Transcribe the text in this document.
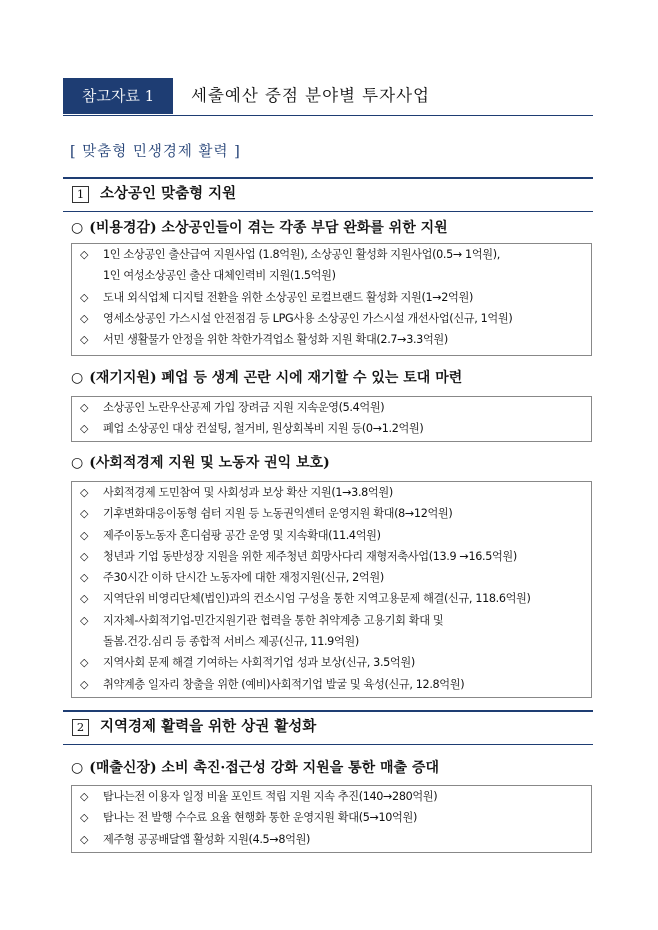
참고자료 1	세출예산 중점 분야별 투자사업
[ 맞춤형 민생경제 활력 ]
1	소상공인 맞춤형 지원
○ (비용경감) 소상공인들이 겪는 각종 부담 완화를 위한 지원
◇ 1인 소상공인 출산급여 지원사업 (1.8억원), 소상공인 활성화 지원사업(0.5→ 1억원),
1인 여성소상공인 출산 대체인력비 지원(1.5억원)
◇ 도내 외식업체 디지털 전환을 위한 소상공인 로컬브랜드 활성화 지원(1→2억원)
◇ 영세소상공인 가스시설 안전점검 등 LPG사용 소상공인 가스시설 개선사업(신규, 1억원)
◇ 서민 생활물가 안정을 위한 착한가격업소 활성화 지원 확대(2.7→3.3억원)
○ (재기지원) 폐업 등 생계 곤란 시에 재기할 수 있는 토대 마련
◇ 소상공인 노란우산공제 가입 장려금 지원 지속운영(5.4억원)
◇ 폐업 소상공인 대상 컨설팅, 철거비, 원상회복비 지원 등(0→1.2억원)
○ (사회적경제 지원 및 노동자 권익 보호)
◇ 사회적경제 도민참여 및 사회성과 보상 확산 지원(1→3.8억원)
◇ 기후변화대응이동형 쉼터 지원 등 노동권익센터 운영지원 확대(8→12억원)
◇ 제주이동노동자 혼디쉼팡 공간 운영 및 지속확대(11.4억원)
◇ 청년과 기업 동반성장 지원을 위한 제주청년 희망사다리 재형저축사업(13.9 →16.5억원)
◇ 주30시간 이하 단시간 노동자에 대한 재정지원(신규, 2억원)
◇ 지역단위 비영리단체(법인)과의 컨소시엄 구성을 통한 지역고용문제 해결(신규, 118.6억원)
◇ 지자체-사회적기업-민간지원기관 협력을 통한 취약계층 고용기회 확대 및
돌봄.건강.심리 등 종합적 서비스 제공(신규, 11.9억원)
◇ 지역사회 문제 해결 기여하는 사회적기업 성과 보상(신규, 3.5억원)
◇ 취약계층 일자리 창출을 위한 (예비)사회적기업 발굴 및 육성(신규, 12.8억원)
2	지역경제 활력을 위한 상권 활성화
○ (매출신장) 소비 촉진·접근성 강화 지원을 통한 매출 증대
◇ 탐나는전 이용자 일정 비율 포인트 적립 지원 지속 추진(140→280억원)
◇ 탐나는 전 발행 수수료 요율 현행화 통한 운영지원 확대(5→10억원)
◇ 제주형 공공배달앱 활성화 지원(4.5→8억원)
